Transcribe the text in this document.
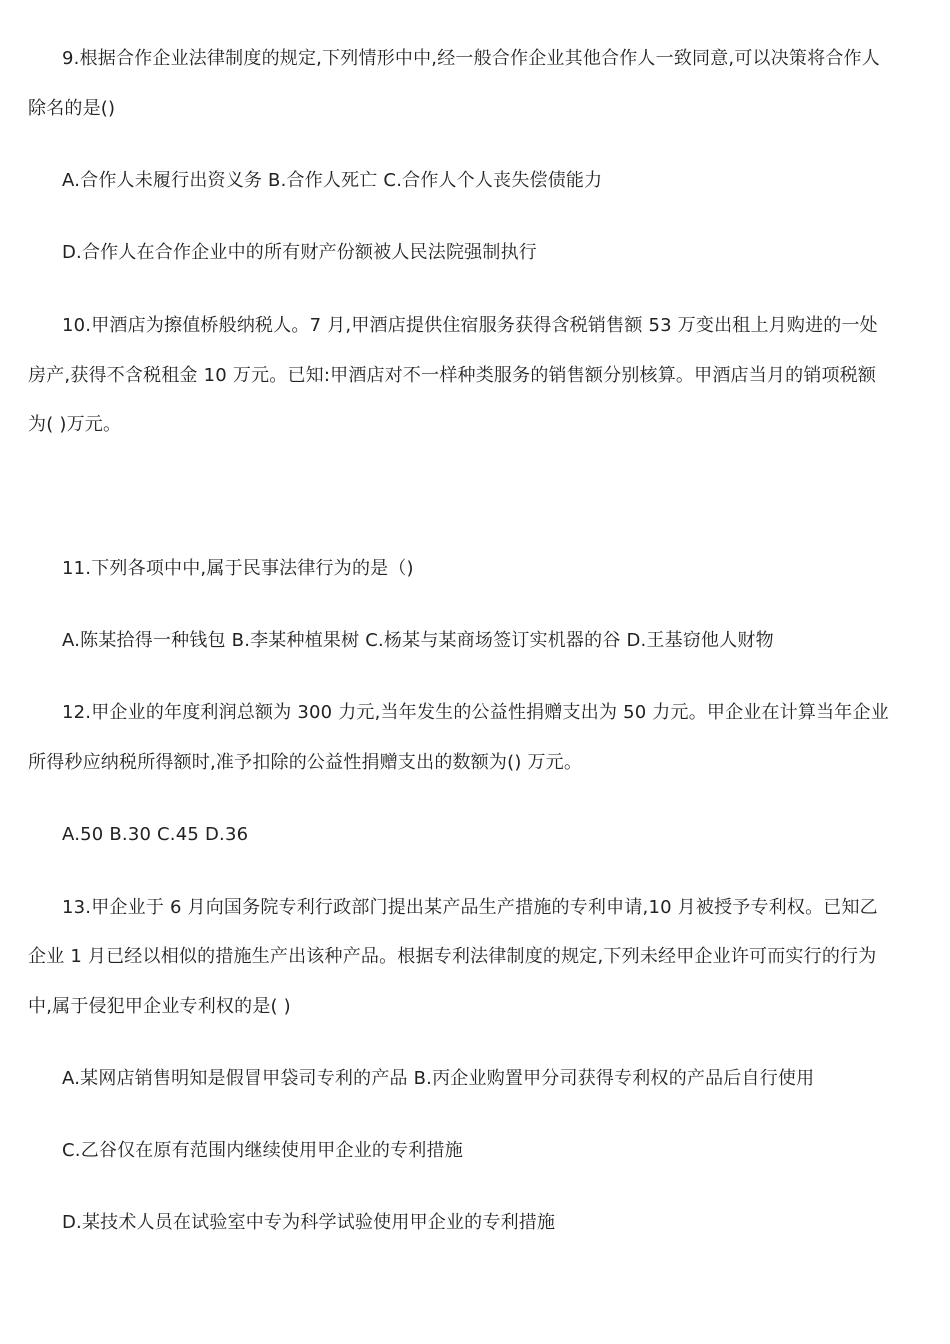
9.根据合作企业法律制度的规定,下列情形中中,经一般合作企业其他合作人一致同意,可以决策将合作人
除名的是()
A.合作人未履行出资义务 B.合作人死亡 C.合作人个人丧失偿债能力
D.合作人在合作企业中的所有财产份额被人民法院强制执行
10.甲酒店为擦值桥般纳税人。7 月,甲酒店提供住宿服务获得含税销售额 53 万变出租上月购进的一处
房产,获得不含税租金 10 万元。已知:甲酒店对不一样种类服务的销售额分别核算。甲酒店当月的销项税额
为( )万元。
11.下列各项中中,属于民事法律行为的是（)
A.陈某拾得一种钱包 B.李某种植果树 C.杨某与某商场签订实机器的谷 D.王基窃他人财物
12.甲企业的年度利润总额为 300 力元,当年发生的公益性捐赠支出为 50 力元。甲企业在计算当年企业
所得秒应纳税所得额时,准予扣除的公益性捐赠支出的数额为() 万元。
A.50 B.30 C.45 D.36
13.甲企业于 6 月向国务院专利行政部门提出某产品生产措施的专利申请,10 月被授予专利权。已知乙
企业 1 月已经以相似的措施生产出该种产品。根据专利法律制度的规定,下列未经甲企业许可而实行的行为
中,属于侵犯甲企业专利权的是( )
A.某网店销售明知是假冒甲袋司专利的产品 B.丙企业购置甲分司获得专利权的产品后自行使用
C.乙谷仅在原有范围内继续使用甲企业的专利措施
D.某技术人员在试验室中专为科学试验使用甲企业的专利措施
